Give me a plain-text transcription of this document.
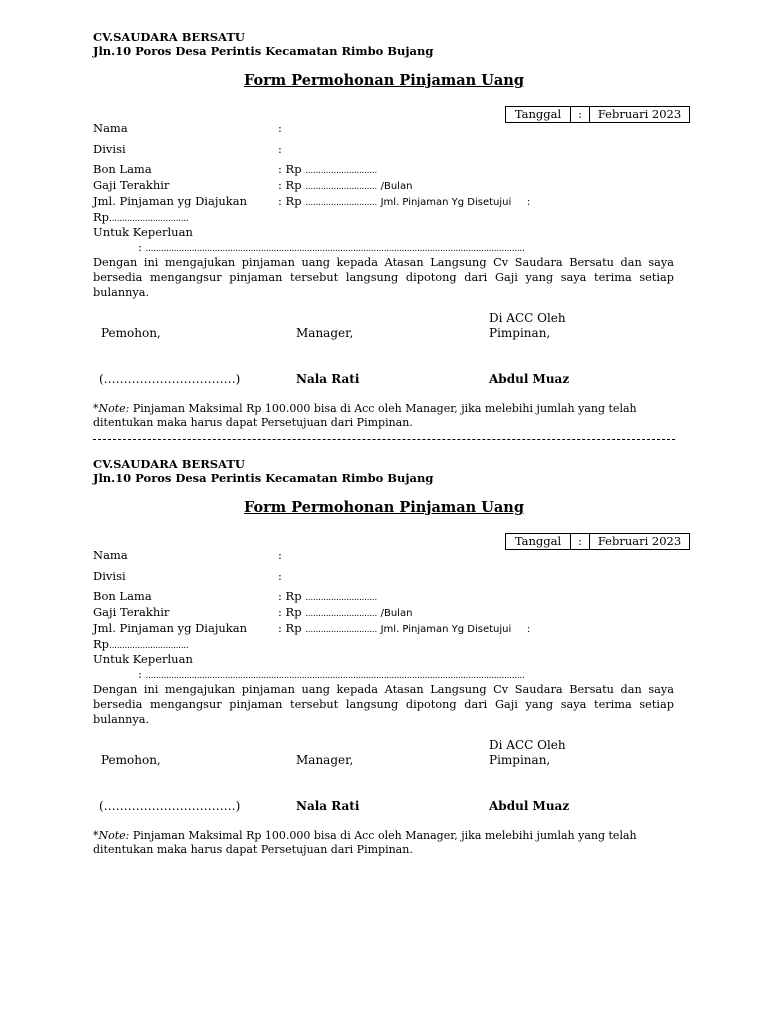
CV.SAUDARA BERSATU
Jln.10 Poros Desa Perintis Kecamatan Rimbo Bujang
Form Permohonan Pinjaman Uang
Tanggal	:	Februari 2023
Nama	:
Divisi	:
Bon Lama	: Rp ............................
Gaji Terakhir	: Rp ............................ /Bulan
Jml. Pinjaman yg Diajukan	: Rp ............................ Jml. Pinjaman Yg Disetujui :
Rp...............................
Untuk Keperluan
: ....................................................................................................................................................
Dengan ini mengajukan pinjaman uang kepada Atasan Langsung Cv Saudara Bersatu dan saya bersedia mengangsur pinjaman tersebut langsung dipotong dari Gaji yang saya terima setiap bulannya.
Di ACC Oleh
Pemohon,	Manager,	Pimpinan,
(……………………………)	Nala Rati	Abdul Muaz
*Note: Pinjaman Maksimal Rp 100.000 bisa di Acc oleh Manager, jika melebihi jumlah yang telah ditentukan maka harus dapat Persetujuan dari Pimpinan.
CV.SAUDARA BERSATU
Jln.10 Poros Desa Perintis Kecamatan Rimbo Bujang
Form Permohonan Pinjaman Uang
Tanggal	:	Februari 2023
Nama	:
Divisi	:
Bon Lama	: Rp ............................
Gaji Terakhir	: Rp ............................ /Bulan
Jml. Pinjaman yg Diajukan	: Rp ............................ Jml. Pinjaman Yg Disetujui :
Rp...............................
Untuk Keperluan
: ....................................................................................................................................................
Dengan ini mengajukan pinjaman uang kepada Atasan Langsung Cv Saudara Bersatu dan saya bersedia mengangsur pinjaman tersebut langsung dipotong dari Gaji yang saya terima setiap bulannya.
Di ACC Oleh
Pemohon,	Manager,	Pimpinan,
(……………………………)	Nala Rati	Abdul Muaz
*Note: Pinjaman Maksimal Rp 100.000 bisa di Acc oleh Manager, jika melebihi jumlah yang telah ditentukan maka harus dapat Persetujuan dari Pimpinan.
